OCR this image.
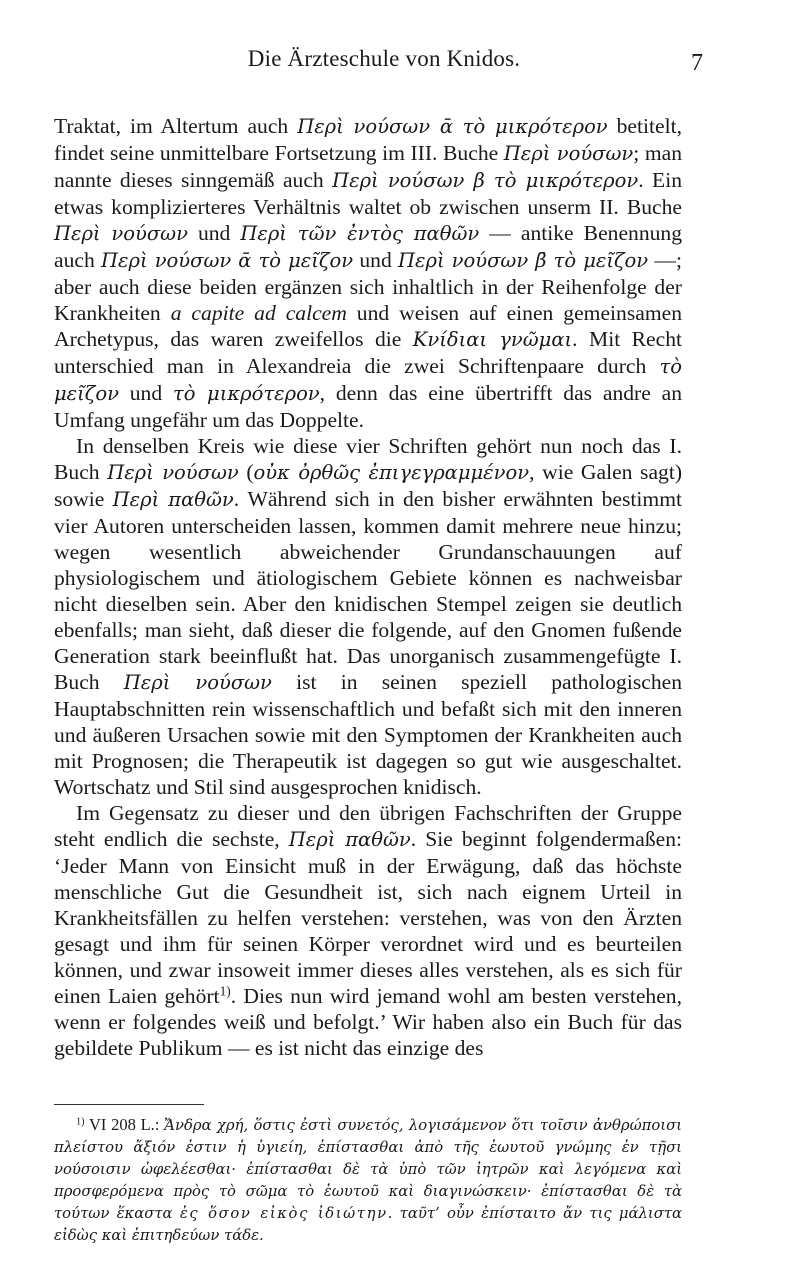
Die Ärzteschule von Knidos.	7

Traktat, im Altertum auch Περὶ νούσων ᾱ τὸ μικρότερον betitelt, findet seine unmittelbare Fortsetzung im III. Buche Περὶ νούσων; man nannte dieses sinngemäß auch Περὶ νούσων β τὸ μικρότερον. Ein etwas komplizierteres Verhältnis waltet ob zwischen unserm II. Buche Περὶ νούσων und Περὶ τῶν ἐντὸς παθῶν — antike Benennung auch Περὶ νούσων ᾱ τὸ μεῖζον und Περὶ νούσων β̄ τὸ μεῖζον —; aber auch diese beiden ergänzen sich inhaltlich in der Reihenfolge der Krankheiten a capite ad calcem und weisen auf einen gemeinsamen Archetypus, das waren zweifellos die Κνίδιαι γνῶμαι. Mit Recht unterschied man in Alexandreia die zwei Schriftenpaare durch τὸ μεῖζον und τὸ μικρότερον, denn das eine übertrifft das andre an Umfang ungefähr um das Doppelte.

In denselben Kreis wie diese vier Schriften gehört nun noch das I. Buch Περὶ νούσων (οὐκ ὀρθῶς ἐπιγεγραμμένον, wie Galen sagt) sowie Περὶ παθῶν. Während sich in den bisher erwähnten bestimmt vier Autoren unterscheiden lassen, kommen damit mehrere neue hinzu; wegen wesentlich abweichender Grundanschauungen auf physiologischem und ätiologischem Gebiete können es nachweisbar nicht dieselben sein. Aber den knidischen Stempel zeigen sie deutlich ebenfalls; man sieht, daß dieser die folgende, auf den Gnomen fußende Generation stark beeinflußt hat. Das unorganisch zusammengefügte I. Buch Περὶ νούσων ist in seinen speziell pathologischen Hauptabschnitten rein wissenschaftlich und befaßt sich mit den inneren und äußeren Ursachen sowie mit den Symptomen der Krankheiten auch mit Prognosen; die Therapeutik ist dagegen so gut wie ausgeschaltet. Wortschatz und Stil sind ausgesprochen knidisch.

Im Gegensatz zu dieser und den übrigen Fachschriften der Gruppe steht endlich die sechste, Περὶ παθῶν. Sie beginnt folgendermaßen: ‘Jeder Mann von Einsicht muß in der Erwägung, daß das höchste menschliche Gut die Gesundheit ist, sich nach eignem Urteil in Krankheitsfällen zu helfen verstehen: verstehen, was von den Ärzten gesagt und ihm für seinen Körper verordnet wird und es beurteilen können, und zwar insoweit immer dieses alles verstehen, als es sich für einen Laien gehört$^{1)}$. Dies nun wird jemand wohl am besten verstehen, wenn er folgendes weiß und befolgt.’ Wir haben also ein Buch für das gebildete Publikum — es ist nicht das einzige des

$^{1)}$ VI 208 L.: Ἄνδρα χρή, ὅστις ἐστὶ συνετός, λογισάμενον ὅτι τοῖσιν ἀνθρώποισι πλείστου ἄξιόν ἐστιν ἡ ὑγιείη, ἐπίστασθαι ἀπὸ τῆς ἑωυτοῦ γνώμης ἐν τῇσι νούσοισιν ὠφελέεσθαι· ἐπίστασθαι δὲ τὰ ὑπὸ τῶν ἰητρῶν καὶ λεγόμενα καὶ προσφερόμενα πρὸς τὸ σῶμα τὸ ἑωυτοῦ καὶ διαγινώσκειν· ἐπίστασθαι δὲ τὰ τούτων ἕκαστα ἐς ὅσον εἰκὸς ἰδιώτην. ταῦτ’ οὖν ἐπίσταιτο ἄν τις μάλιστα εἰδὼς καὶ ἐπιτηδεύων τάδε.
